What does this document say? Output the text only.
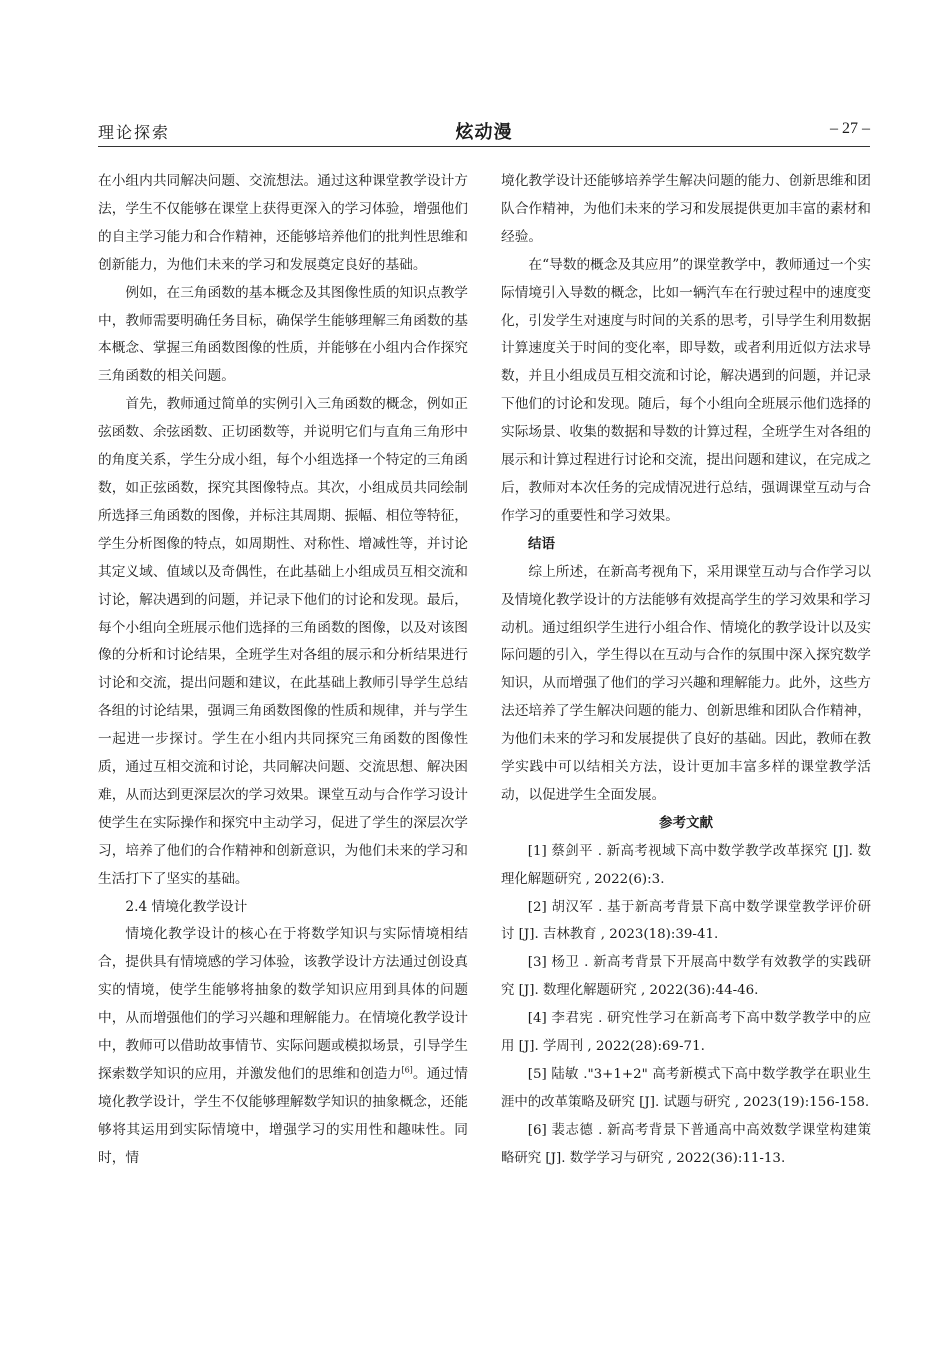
理论探索	炫动漫	– 27 –

在小组内共同解决问题、交流想法。通过这种课堂教学设计方法，学生不仅能够在课堂上获得更深入的学习体验，增强他们的自主学习能力和合作精神，还能够培养他们的批判性思维和创新能力，为他们未来的学习和发展奠定良好的基础。

例如，在三角函数的基本概念及其图像性质的知识点教学中，教师需要明确任务目标，确保学生能够理解三角函数的基本概念、掌握三角函数图像的性质，并能够在小组内合作探究三角函数的相关问题。

首先，教师通过简单的实例引入三角函数的概念，例如正弦函数、余弦函数、正切函数等，并说明它们与直角三角形中的角度关系，学生分成小组，每个小组选择一个特定的三角函数，如正弦函数，探究其图像特点。其次，小组成员共同绘制所选择三角函数的图像，并标注其周期、振幅、相位等特征，学生分析图像的特点，如周期性、对称性、增减性等，并讨论其定义域、值域以及奇偶性，在此基础上小组成员互相交流和讨论，解决遇到的问题，并记录下他们的讨论和发现。最后，每个小组向全班展示他们选择的三角函数的图像，以及对该图像的分析和讨论结果，全班学生对各组的展示和分析结果进行讨论和交流，提出问题和建议，在此基础上教师引导学生总结各组的讨论结果，强调三角函数图像的性质和规律，并与学生一起进一步探讨。学生在小组内共同探究三角函数的图像性质，通过互相交流和讨论，共同解决问题、交流思想、解决困难，从而达到更深层次的学习效果。课堂互动与合作学习设计使学生在实际操作和探究中主动学习，促进了学生的深层次学习，培养了他们的合作精神和创新意识，为他们未来的学习和生活打下了坚实的基础。

2.4 情境化教学设计

情境化教学设计的核心在于将数学知识与实际情境相结合，提供具有情境感的学习体验，该教学设计方法通过创设真实的情境，使学生能够将抽象的数学知识应用到具体的问题中，从而增强他们的学习兴趣和理解能力。在情境化教学设计中，教师可以借助故事情节、实际问题或模拟场景，引导学生探索数学知识的应用，并激发他们的思维和创造力[6]。通过情境化教学设计，学生不仅能够理解数学知识的抽象概念，还能够将其运用到实际情境中，增强学习的实用性和趣味性。同时，情

境化教学设计还能够培养学生解决问题的能力、创新思维和团队合作精神，为他们未来的学习和发展提供更加丰富的素材和经验。

在“导数的概念及其应用”的课堂教学中，教师通过一个实际情境引入导数的概念，比如一辆汽车在行驶过程中的速度变化，引发学生对速度与时间的关系的思考，引导学生利用数据计算速度关于时间的变化率，即导数，或者利用近似方法求导数，并且小组成员互相交流和讨论，解决遇到的问题，并记录下他们的讨论和发现。随后，每个小组向全班展示他们选择的实际场景、收集的数据和导数的计算过程，全班学生对各组的展示和计算过程进行讨论和交流，提出问题和建议，在完成之后，教师对本次任务的完成情况进行总结，强调课堂互动与合作学习的重要性和学习效果。

结语

综上所述，在新高考视角下，采用课堂互动与合作学习以及情境化教学设计的方法能够有效提高学生的学习效果和学习动机。通过组织学生进行小组合作、情境化的教学设计以及实际问题的引入，学生得以在互动与合作的氛围中深入探究数学知识，从而增强了他们的学习兴趣和理解能力。此外，这些方法还培养了学生解决问题的能力、创新思维和团队合作精神，为他们未来的学习和发展提供了良好的基础。因此，教师在教学实践中可以结相关方法，设计更加丰富多样的课堂教学活动，以促进学生全面发展。

参考文献

[1] 蔡剑平 . 新高考视域下高中数学教学改革探究 [J]. 数理化解题研究 , 2022(6):3.

[2] 胡汉军 . 基于新高考背景下高中数学课堂教学评价研讨 [J]. 吉林教育 , 2023(18):39-41.

[3] 杨卫 . 新高考背景下开展高中数学有效教学的实践研究 [J]. 数理化解题研究 , 2022(36):44-46.

[4] 李君宪 . 研究性学习在新高考下高中数学教学中的应用 [J]. 学周刊 , 2022(28):69-71.

[5] 陆敏 ."3+1+2" 高考新模式下高中数学教学在职业生涯中的改革策略及研究 [J]. 试题与研究 , 2023(19):156-158.

[6] 裴志德 . 新高考背景下普通高中高效数学课堂构建策略研究 [J]. 数学学习与研究 , 2022(36):11-13.
